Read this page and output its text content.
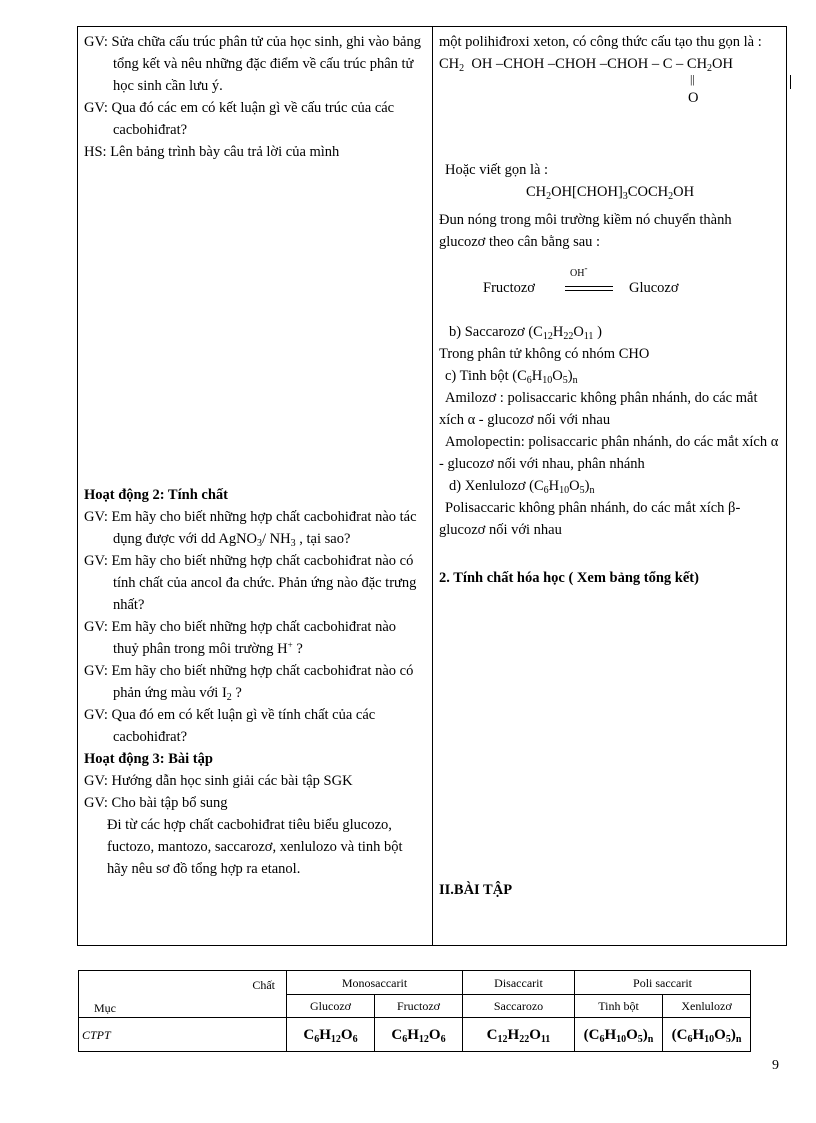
GV: Sửa chữa cấu trúc phân tử của học sinh, ghi vào bảng tổng kết và nêu những đặc điểm về cấu trúc phân tử học sinh cần lưu ý.

GV: Qua đó các em có kết luận gì về cấu trúc của các cacbohiđrat?

HS: Lên bảng trình bày câu trả lời của mình

Hoạt động 2: Tính chất

GV: Em hãy cho biết những hợp chất cacbohiđrat nào tác dụng được với dd AgNO$_3$/ $NH_3$ , tại sao?

GV: Em hãy cho biết những hợp chất cacbohiđrat nào có tính chất của ancol đa chức. Phản ứng nào đặc trưng nhất?

GV: Em hãy cho biết những hợp chất cacbohiđrat nào thuỷ phân trong môi trường H+ ?

GV: Em hãy cho biết những hợp chất cacbohiđrat nào có phản ứng màu với $I_2$ ?

GV: Qua đó em có kết luận gì về tính chất của các cacbohiđrat?

Hoạt động 3: Bài tập

GV: Hướng dẫn học sinh giải các bài tập SGK

GV: Cho bài tập bổ sung

Đi từ các hợp chất cacbohiđrat tiêu biểu glucozo, fuctozo, mantozo, saccarozơ, xenlulozo và tinh bột hãy nêu sơ đồ tổng hợp ra etanol.

một polihiđroxi xeton, có công thức cấu tạo thu gọn là :

$CH_2$ OH –CHOH –CHOH –CHOH – C – $CH_2OH$
||
O

Hoặc viết gọn là :

$CH_2OH[CHOH]_3COCH_2OH$

Đun nóng trong môi trường kiềm nó chuyển thành glucozơ theo cân bằng sau :

Fructozơ
OH-
Glucozơ

b) Saccarozơ ($C_{12}H_{22}O_{11}$ )

Trong phân tử không có nhóm CHO

c) Tinh bột $(C_6H_{10}O_5)_n$

Amilozơ : polisaccaric không phân nhánh, do các mắt xích α - glucozơ nối với nhau

Amolopectin: polisaccaric phân nhánh, do các mắt xích α - glucozơ nối với nhau, phân nhánh

d) Xenlulozơ $(C_6H_{10}O_5)_n$

Polisaccaric không phân nhánh, do các mắt xích β- glucozơ nối với nhau

2. Tính chất hóa học ( Xem bảng tổng kết)

II.BÀI TẬP

Chất
Mục	Monosaccarit		Disaccarit	Poli saccarit	
	Glucozơ	Fructozơ	Saccarozo	Tinh bột	Xenlulozơ
CTPT	$C_6H_{12}O_6$	$C_6H_{12}O_6$	$C_{12}H_{22}O_{11}$	$(C_6H_{10}O_5)_n$	$(C_6H_{10}O_5)_n$
9
